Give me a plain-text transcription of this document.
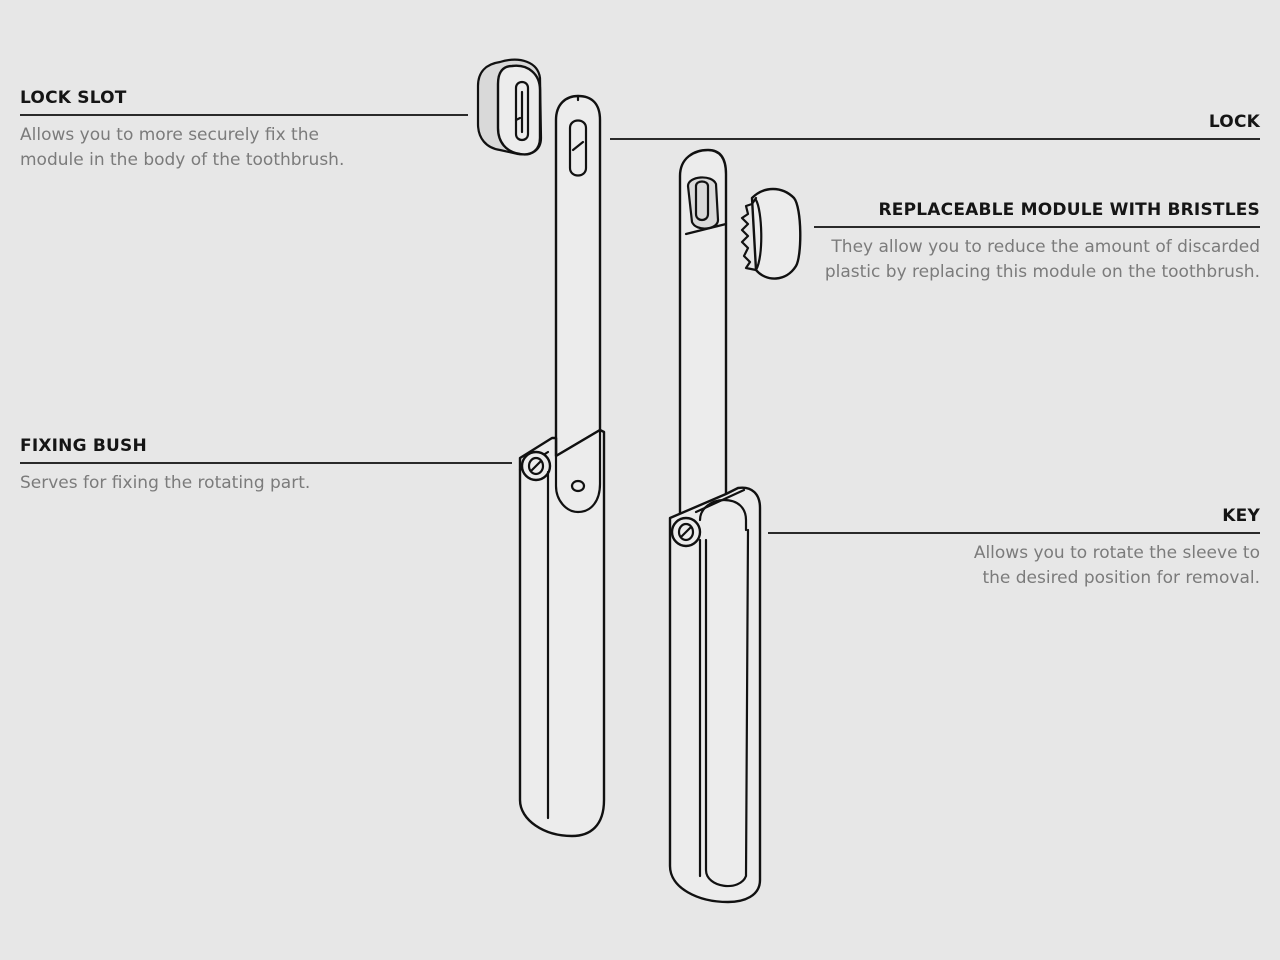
LOCK SLOT
Allows you to more securely fix the
module in the body of the toothbrush.
LOCK
REPLACEABLE MODULE WITH BRISTLES
They allow you to reduce the amount of discarded
plastic by replacing this module on the toothbrush.
FIXING BUSH
Serves for fixing the rotating part.
KEY
Allows you to rotate the sleeve to
the desired position for removal.
